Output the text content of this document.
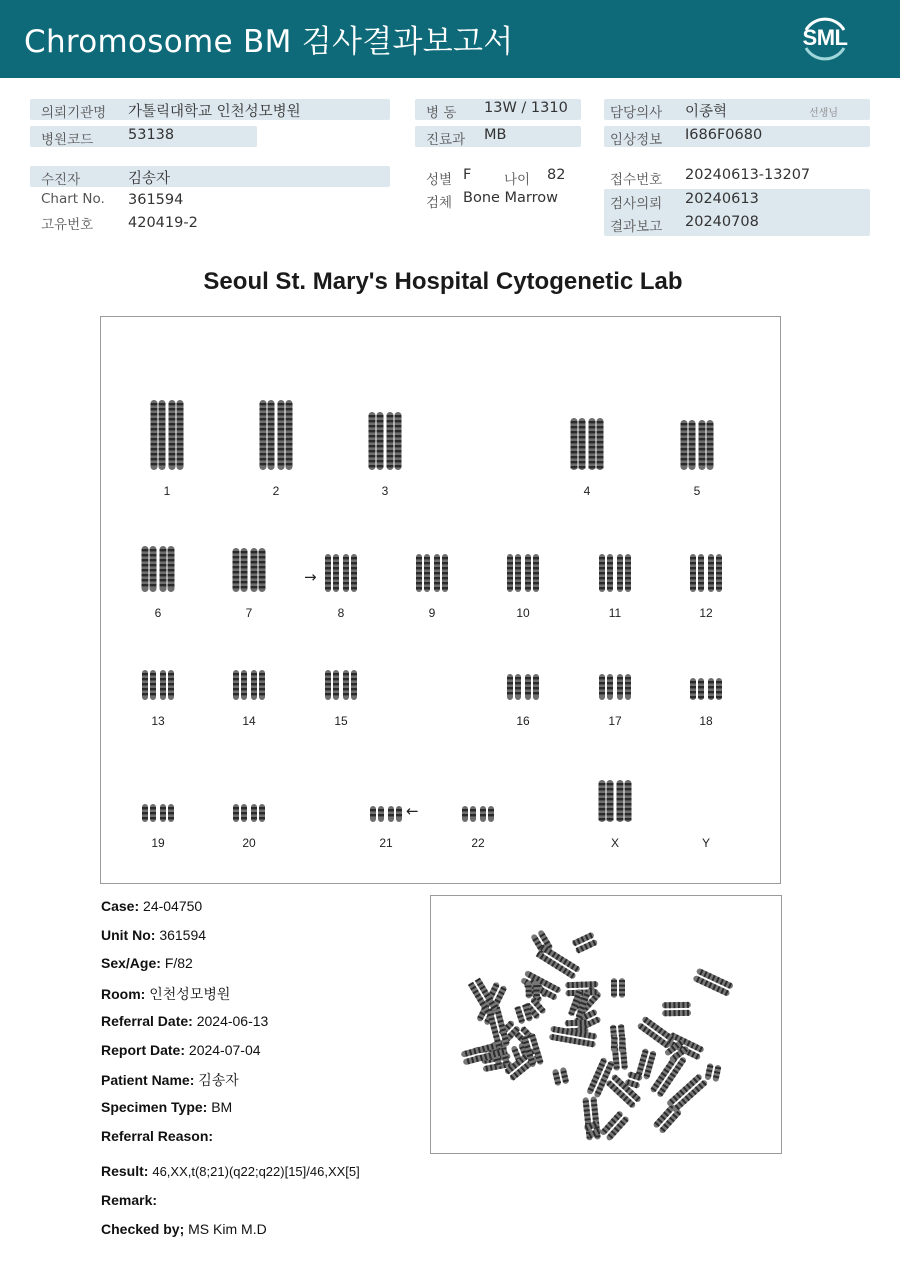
Chromosome BM 검사결과보고서	SML
의뢰기관명 가톨릭대학교 인천성모병원
병원코드 53138
수진자	김송자
Chart No. 361594
고유번호 420419-2
병 동 13W / 1310
진료과 MB
성별 F 나이 82
검체 Bone Marrow
담당의사 이종혁	선생님
임상정보 I686F0680
접수번호 20240613-13207
검사의뢰 20240613
결과보고 20240708
Seoul St. Mary's Hospital Cytogenetic Lab
1	2	3	4	5
6	7	8	9	10	11	12
13	14	15	16	17	18
19	20	21	22	X	Y
→
←
Case: 24-04750
Unit No: 361594
Sex/Age: F/82
Room: 인천성모병원
Referral Date: 2024-06-13
Report Date: 2024-07-04
Patient Name: 김송자
Specimen Type: BM
Referral Reason:
Result: 46,XX,t(8;21)(q22;q22)[15]/46,XX[5]
Remark:
Checked by; MS Kim M.D
